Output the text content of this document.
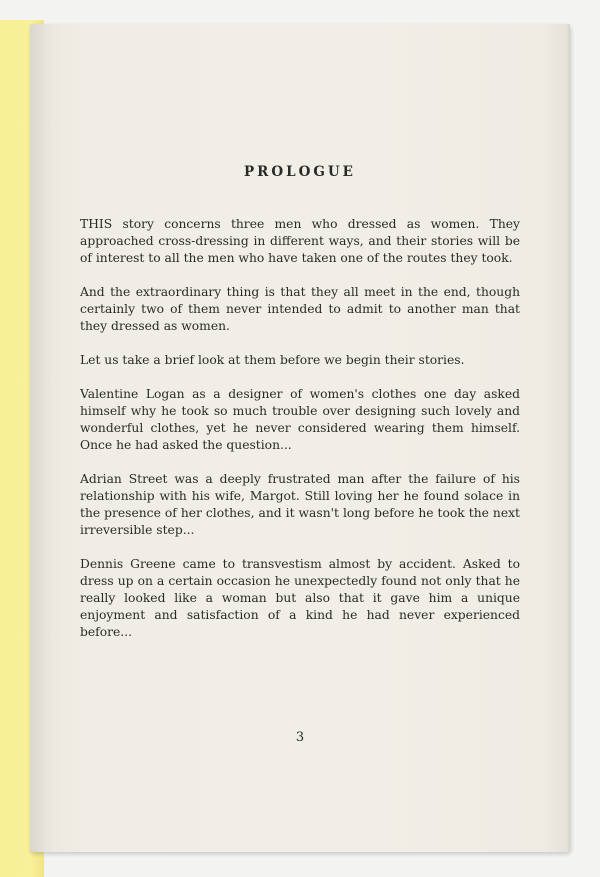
PROLOGUE

THIS story concerns three men who dressed as women. They approached cross-dressing in different ways, and their stories will be of interest to all the men who have taken one of the routes they took.

And the extraordinary thing is that they all meet in the end, though certainly two of them never intended to admit to another man that they dressed as women.

Let us take a brief look at them before we begin their stories.

Valentine Logan as a designer of women's clothes one day asked himself why he took so much trouble over designing such lovely and wonderful clothes, yet he never considered wearing them himself. Once he had asked the question...

Adrian Street was a deeply frustrated man after the failure of his relationship with his wife, Margot. Still loving her he found solace in the presence of her clothes, and it wasn't long before he took the next irreversible step...

Dennis Greene came to transvestism almost by accident. Asked to dress up on a certain occasion he unexpectedly found not only that he really looked like a woman but also that it gave him a unique enjoyment and satisfaction of a kind he had never experienced before...

3
